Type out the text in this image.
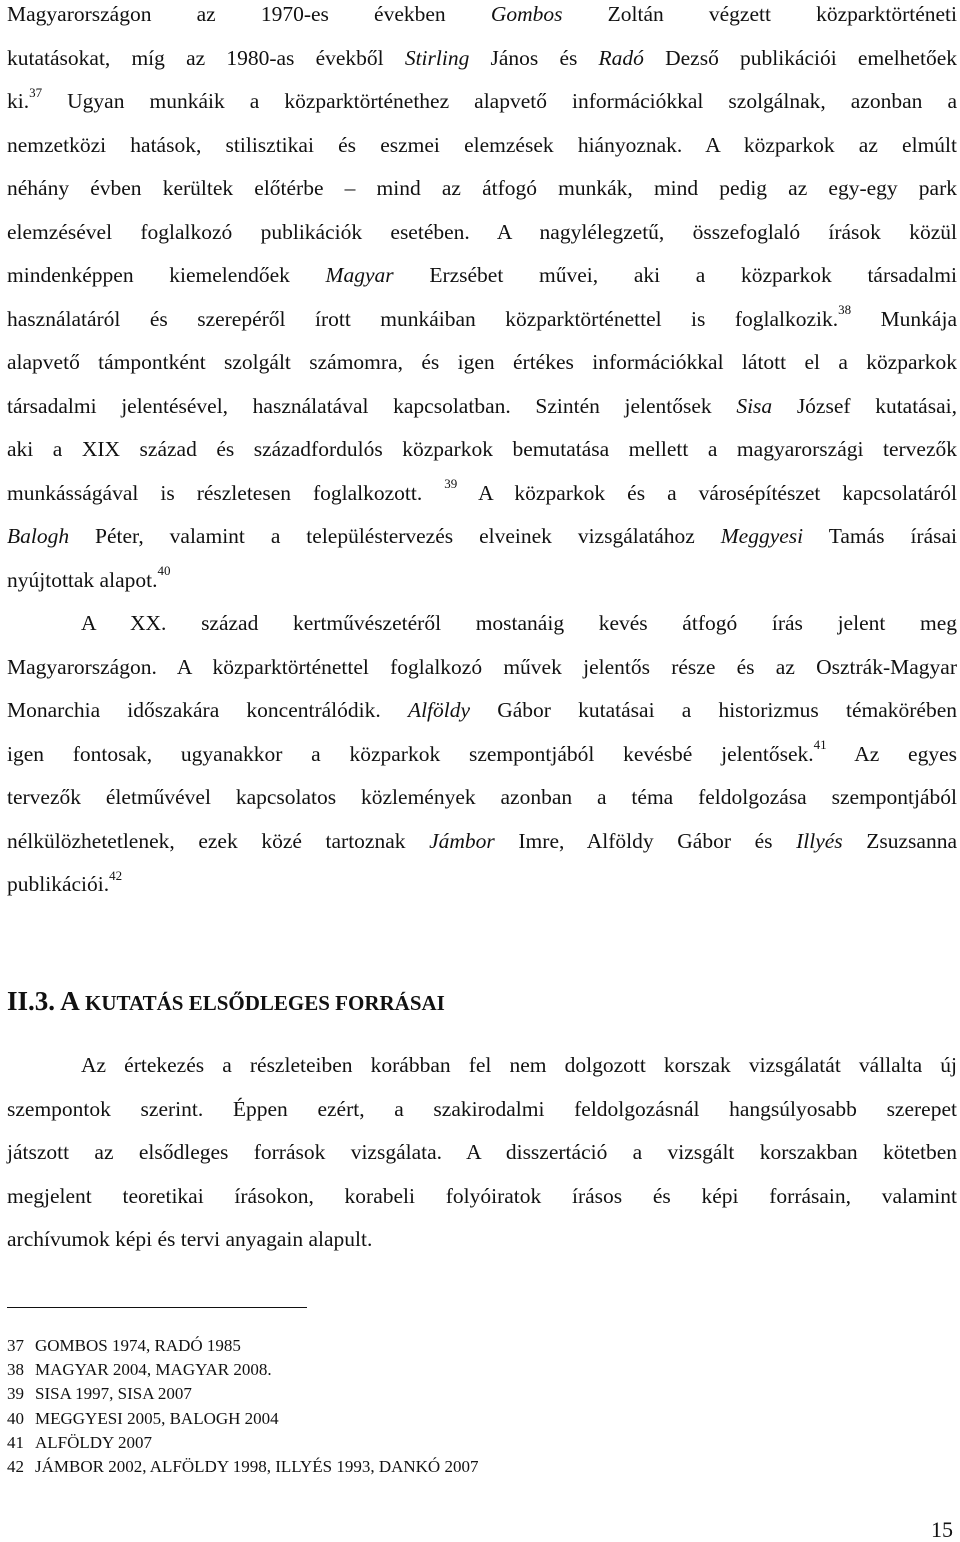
Magyarországon az 1970-es években Gombos Zoltán végzett közparktörténeti
kutatásokat, míg az 1980-as évekből Stirling János és Radó Dezső publikációi emelhetőek
ki.$^{37}$ Ugyan munkáik a közparktörténethez alapvető információkkal szolgálnak, azonban a
nemzetközi hatások, stilisztikai és eszmei elemzések hiányoznak. A közparkok az elmúlt
néhány évben kerültek előtérbe – mind az átfogó munkák, mind pedig az egy-egy park
elemzésével foglalkozó publikációk esetében. A nagylélegzetű, összefoglaló írások közül
mindenképpen kiemelendőek Magyar Erzsébet művei, aki a közparkok társadalmi
használatáról és szerepéről írott munkáiban közparktörténettel is foglalkozik.$^{38}$ Munkája
alapvető támpontként szolgált számomra, és igen értékes információkkal látott el a közparkok
társadalmi jelentésével, használatával kapcsolatban. Szintén jelentősek Sisa József kutatásai,
aki a XIX század és századfordulós közparkok bemutatása mellett a magyarországi tervezők
munkásságával is részletesen foglalkozott. $^{39}$ A közparkok és a városépítészet kapcsolatáról
Balogh Péter, valamint a településtervezés elveinek vizsgálatához Meggyesi Tamás írásai
nyújtottak alapot.$^{40}$
A XX. század kertművészetéről mostanáig kevés átfogó írás jelent meg
Magyarországon. A közparktörténettel foglalkozó művek jelentős része és az Osztrák-Magyar
Monarchia időszakára koncentrálódik. Alföldy Gábor kutatásai a historizmus témakörében
igen fontosak, ugyanakkor a közparkok szempontjából kevésbé jelentősek.$^{41}$ Az egyes
tervezők életművével kapcsolatos közlemények azonban a téma feldolgozása szempontjából
nélkülözhetetlenek, ezek közé tartoznak Jámbor Imre, Alföldy Gábor és Illyés Zsuzsanna
publikációi.$^{42}$
II.3. A KUTATÁS ELSŐDLEGES FORRÁSAI
Az értekezés a részleteiben korábban fel nem dolgozott korszak vizsgálatát vállalta új
szempontok szerint. Éppen ezért, a szakirodalmi feldolgozásnál hangsúlyosabb szerepet
játszott az elsődleges források vizsgálata. A disszertáció a vizsgált korszakban kötetben
megjelent teoretikai írásokon, korabeli folyóiratok írásos és képi forrásain, valamint
archívumok képi és tervi anyagain alapult.
37 GOMBOS 1974, RADÓ 1985
38 MAGYAR 2004, MAGYAR 2008.
39 SISA 1997, SISA 2007
40 MEGGYESI 2005, BALOGH 2004
41 ALFÖLDY 2007
42 JÁMBOR 2002, ALFÖLDY 1998, ILLYÉS 1993, DANKÓ 2007
15
